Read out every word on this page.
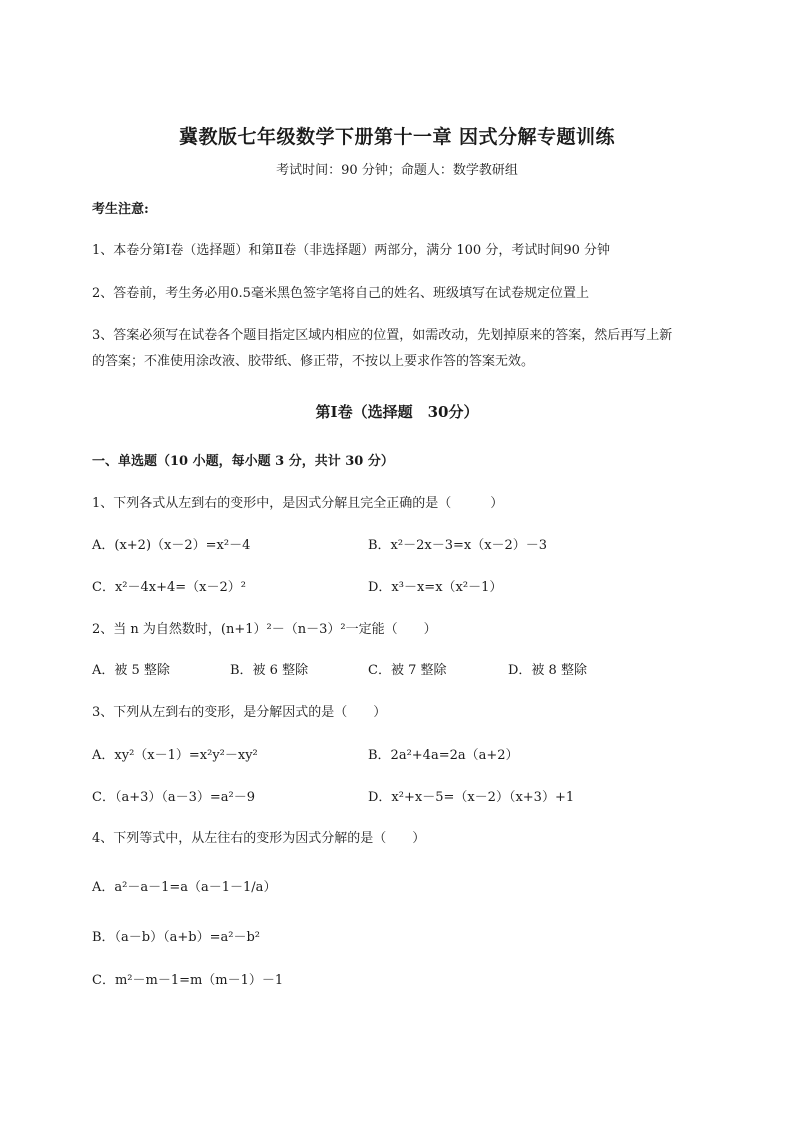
冀教版七年级数学下册第十一章 因式分解专题训练
考试时间：90 分钟；命题人：数学教研组
考生注意:
1、本卷分第Ⅰ卷（选择题）和第Ⅱ卷（非选择题）两部分，满分 100 分，考试时间90 分钟
2、答卷前，考生务必用0.5毫米黑色签字笔将自己的姓名、班级填写在试卷规定位置上
3、答案必须写在试卷各个题目指定区域内相应的位置，如需改动，先划掉原来的答案，然后再写上新
的答案；不准使用涂改液、胶带纸、修正带，不按以上要求作答的答案无效。
第Ⅰ卷（选择题　30分）
一、单选题（10 小题，每小题 3 分，共计 30 分）
1、下列各式从左到右的变形中，是因式分解且完全正确的是（　　　）
A．(x+2)（x－2）=x²－4	B．x²－2x－3=x（x－2）－3
C．x²－4x+4=（x－2）²	D．x³－x=x（x²－1）
2、当 n 为自然数时，(n+1）²－（n－3）²一定能（　　）
A．被 5 整除	B．被 6 整除	C．被 7 整除	D．被 8 整除
3、下列从左到右的变形，是分解因式的是（　　）
A．xy²（x－1）=x²y²－xy²	B．2a²+4a=2a（a+2）
C．（a+3）（a－3）=a²－9	D．x²+x－5=（x－2）（x+3）+1
4、下列等式中，从左往右的变形为因式分解的是（　　）
A．a²－a－1=a（a－1－1/a）
B．（a－b）（a+b）=a²－b²
C．m²－m－1=m（m－1）－1
